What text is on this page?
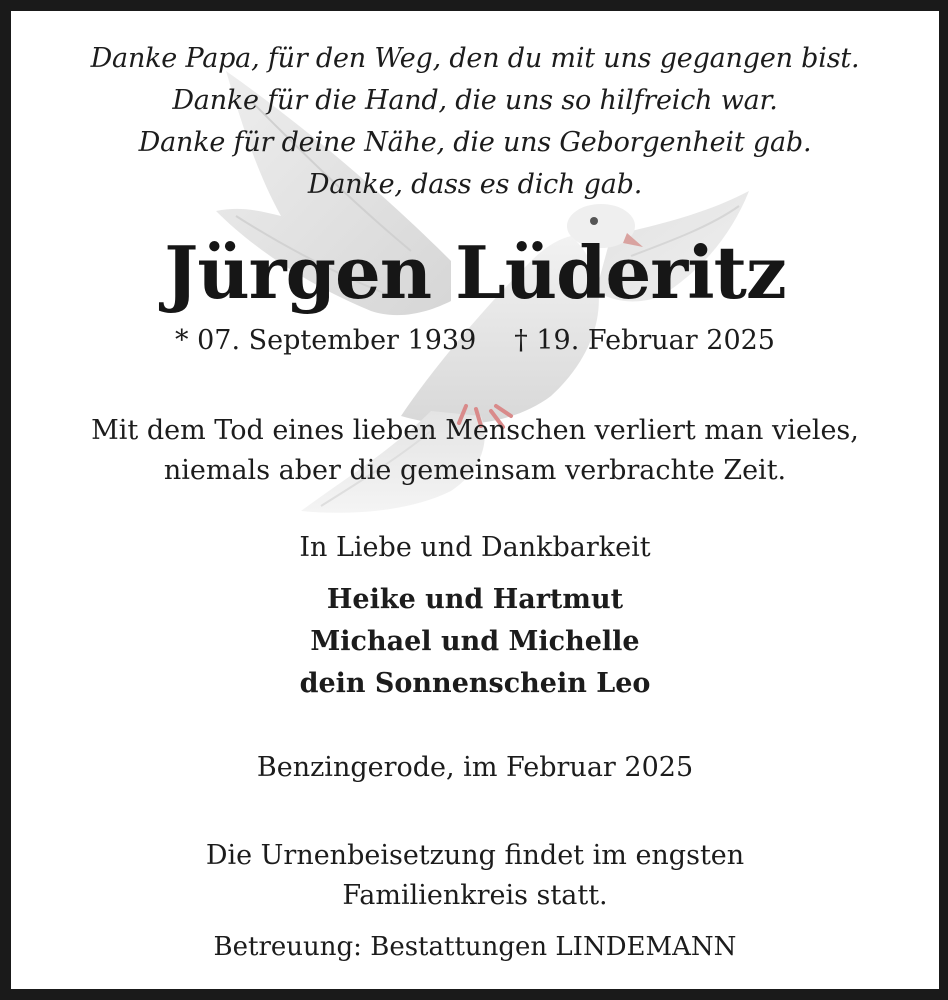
Danke Papa, für den Weg, den du mit uns gegangen bist.
Danke für die Hand, die uns so hilfreich war.
Danke für deine Nähe, die uns Geborgenheit gab.
Danke, dass es dich gab.
Jürgen Lüderitz
* 07. September 1939 † 19. Februar 2025
Mit dem Tod eines lieben Menschen verliert man vieles,
niemals aber die gemeinsam verbrachte Zeit.
In Liebe und Dankbarkeit
Heike und Hartmut
Michael und Michelle
dein Sonnenschein Leo
Benzingerode, im Februar 2025
Die Urnenbeisetzung findet im engsten
Familienkreis statt.
Betreuung: Bestattungen LINDEMANN
